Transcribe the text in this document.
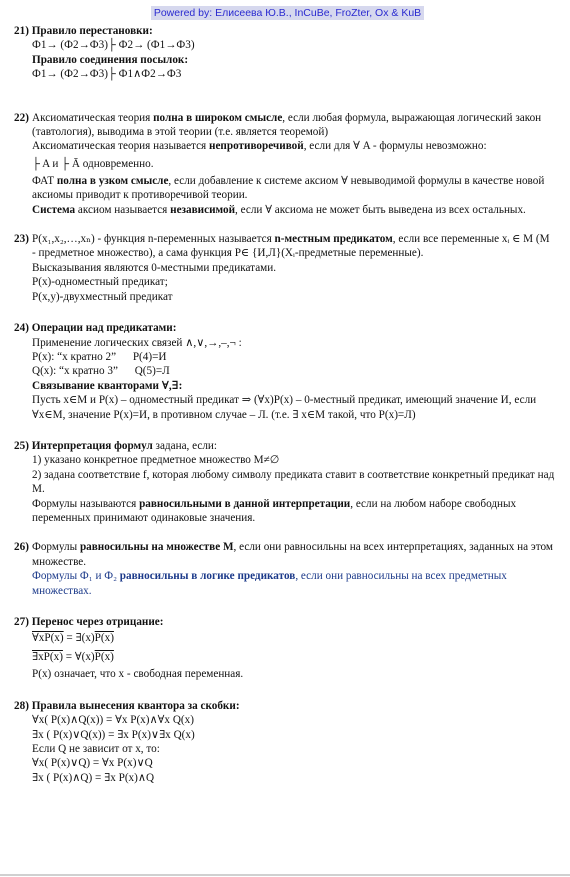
Powered by: Елисеева Ю.В., InCuBe, FroZter, Ox & KuB
21) Правило перестановки:
Ф1→ (Ф2→Ф3)├ Ф2→ (Ф1→Ф3)
Правило соединения посылок:
Ф1→ (Ф2→Ф3)├ Ф1∧Ф2→Ф3
22) Аксиоматическая теория полна в широком смысле, если любая формула, выражающая логический закон (тавтология), выводима в этой теории (т.е. является теоремой)
Аксиоматическая теория называется непротиворечивой, если для ∀ A - формулы невозможно:
├ A и ├ Ā одновременно.
ФАТ полна в узком смысле, если добавление к системе аксиом ∀ невыводимой формулы в качестве новой аксиомы приводит к противоречивой теории.
Система аксиом называется независимой, если ∀ аксиома не может быть выведена из всех остальных.
23) P(x₁,x₂,…,xₙ) - функция n-переменных называется n-местным предикатом, если все переменные xᵢ ∈ M (M - предметное множество), а сама функция P∈ {И,Л}(Xᵢ-предметные переменные).
Высказывания являются 0-местными предикатами.
P(x)-одноместный предикат;
P(x,y)-двухместный предикат
24) Операции над предикатами:
Применение логических связей ∧,∨,→,–,¬ :
P(x): “x кратно 2”      P(4)=И
Q(x): “x кратно 3”      Q(5)=Л
Связывание кванторами ∀,∃:
Пусть x∈M и P(x) – одноместный предикат ⇒ (∀x)P(x) – 0-местный предикат, имеющий значение И, если ∀x∈M, значение P(x)=И, в противном случае – Л. (т.е. ∃ x∈M такой, что P(x)=Л)
25) Интерпретация формул задана, если:
1) указано конкретное предметное множество M≠∅
2) задана соответствие f, которая любому символу предиката ставит в соответствие конкретный предикат над M.
Формулы называются равносильными в данной интерпретации, если на любом наборе свободных переменных принимают одинаковые значения.
26) Формулы равносильны на множестве M, если они равносильны на всех интерпретациях, заданных на этом множестве.
Формулы Ф₁ и Ф₂ равносильны в логике предикатов, если они равносильны на всех предметных множествах.
27) Перенос через отрицание:
∀xP(x) = ∃(x)P(x)
∃xP(x) = ∀(x)P(x)
P(x) означает, что x - свободная переменная.
28) Правила вынесения квантора за скобки:
∀x( P(x)∧Q(x)) = ∀x P(x)∧∀x Q(x)
∃x ( P(x)∨Q(x)) = ∃x P(x)∨∃x Q(x)
Если Q не зависит от x, то:
∀x( P(x)∨Q) = ∀x P(x)∨Q
∃x ( P(x)∧Q) = ∃x P(x)∧Q
